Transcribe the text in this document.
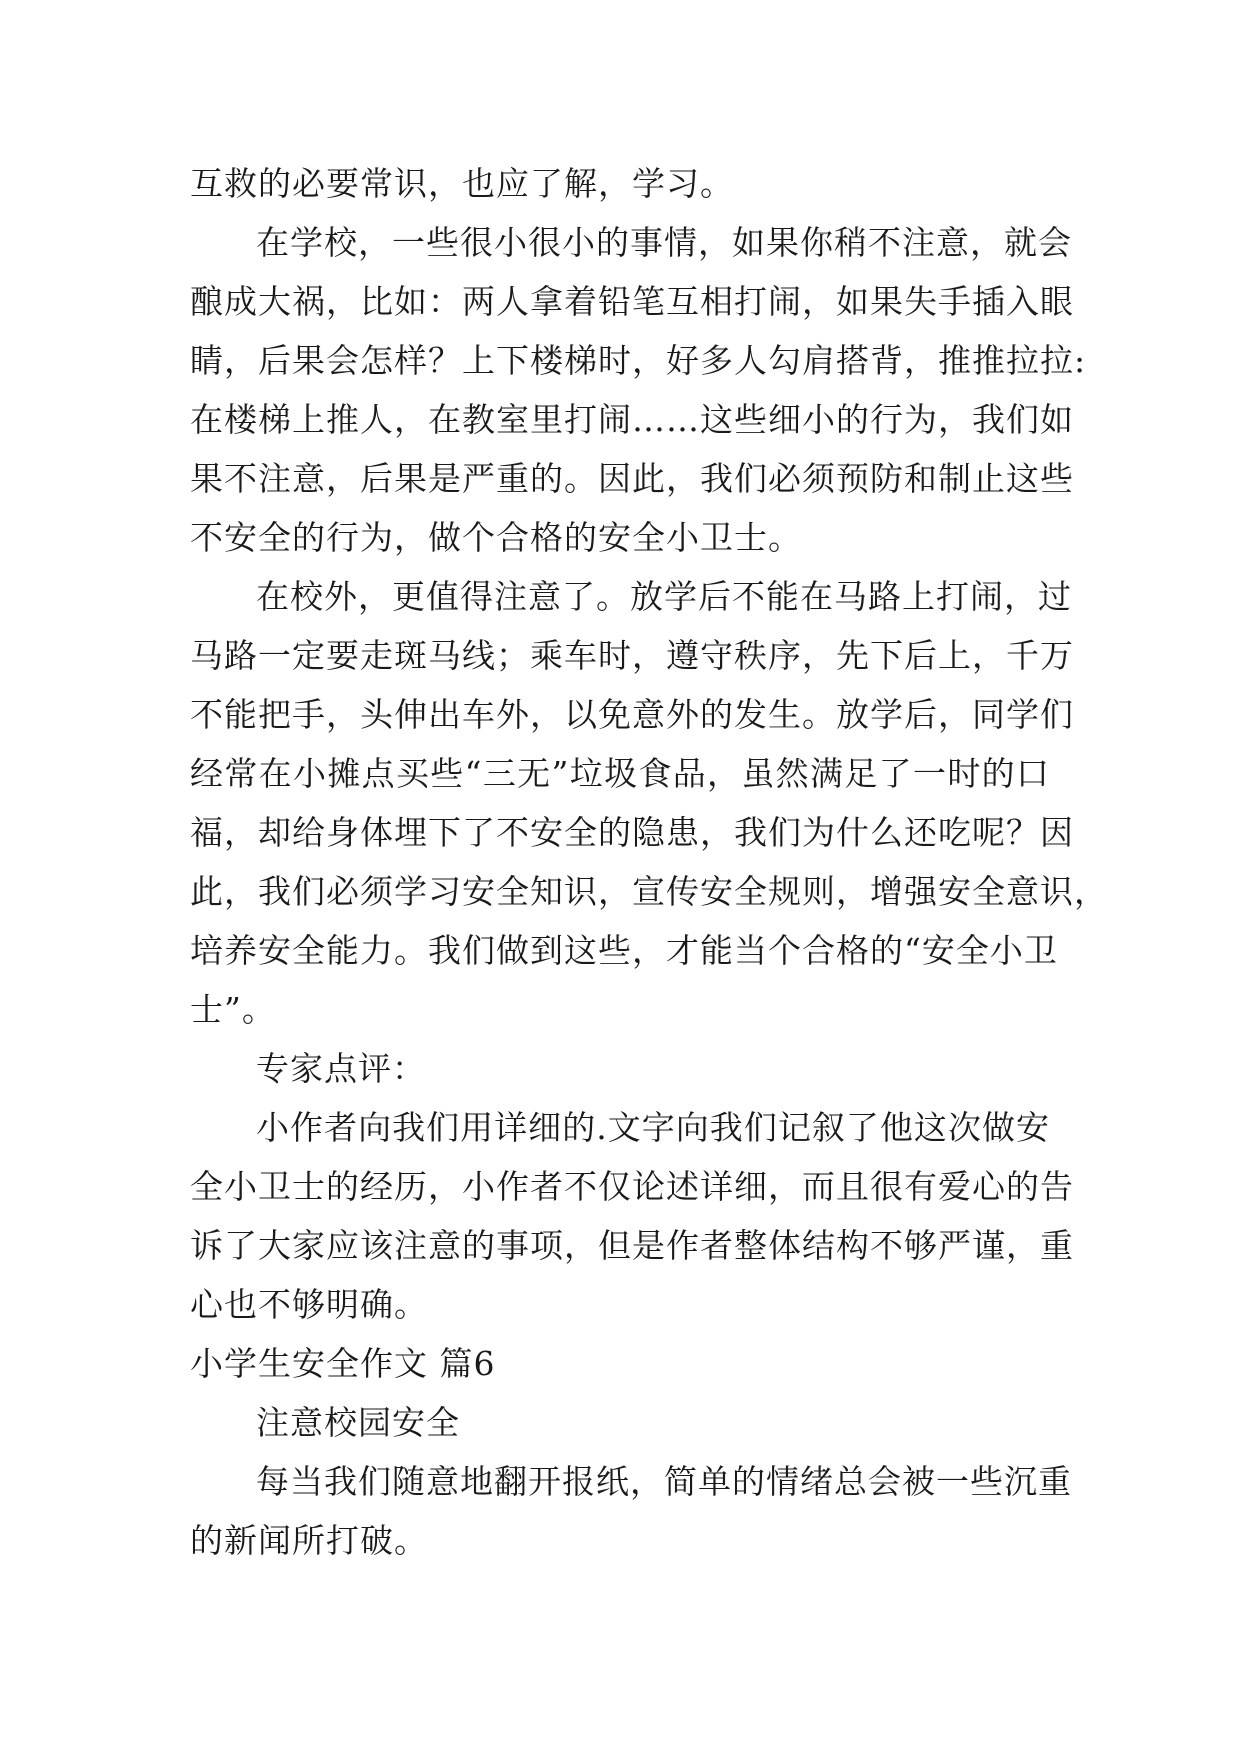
互救的必要常识，也应了解，学习。
在学校，一些很小很小的事情，如果你稍不注意，就会
酿成大祸，比如：两人拿着铅笔互相打闹，如果失手插入眼
睛，后果会怎样？上下楼梯时，好多人勾肩搭背，推推拉拉:
在楼梯上推人，在教室里打闹……这些细小的行为，我们如
果不注意，后果是严重的。因此，我们必须预防和制止这些
不安全的行为，做个合格的安全小卫士。
在校外，更值得注意了。放学后不能在马路上打闹，过
马路一定要走斑马线；乘车时，遵守秩序，先下后上，千万
不能把手，头伸出车外，以免意外的发生。放学后，同学们
经常在小摊点买些“三无”垃圾食品，虽然满足了一时的口
福，却给身体埋下了不安全的隐患，我们为什么还吃呢？因
此，我们必须学习安全知识，宣传安全规则，增强安全意识，
培养安全能力。我们做到这些，才能当个合格的“安全小卫
士”。
专家点评：
小作者向我们用详细的.文字向我们记叙了他这次做安
全小卫士的经历，小作者不仅论述详细，而且很有爱心的告
诉了大家应该注意的事项，但是作者整体结构不够严谨，重
心也不够明确。
小学生安全作文 篇6
注意校园安全
每当我们随意地翻开报纸，简单的情绪总会被一些沉重
的新闻所打破。
